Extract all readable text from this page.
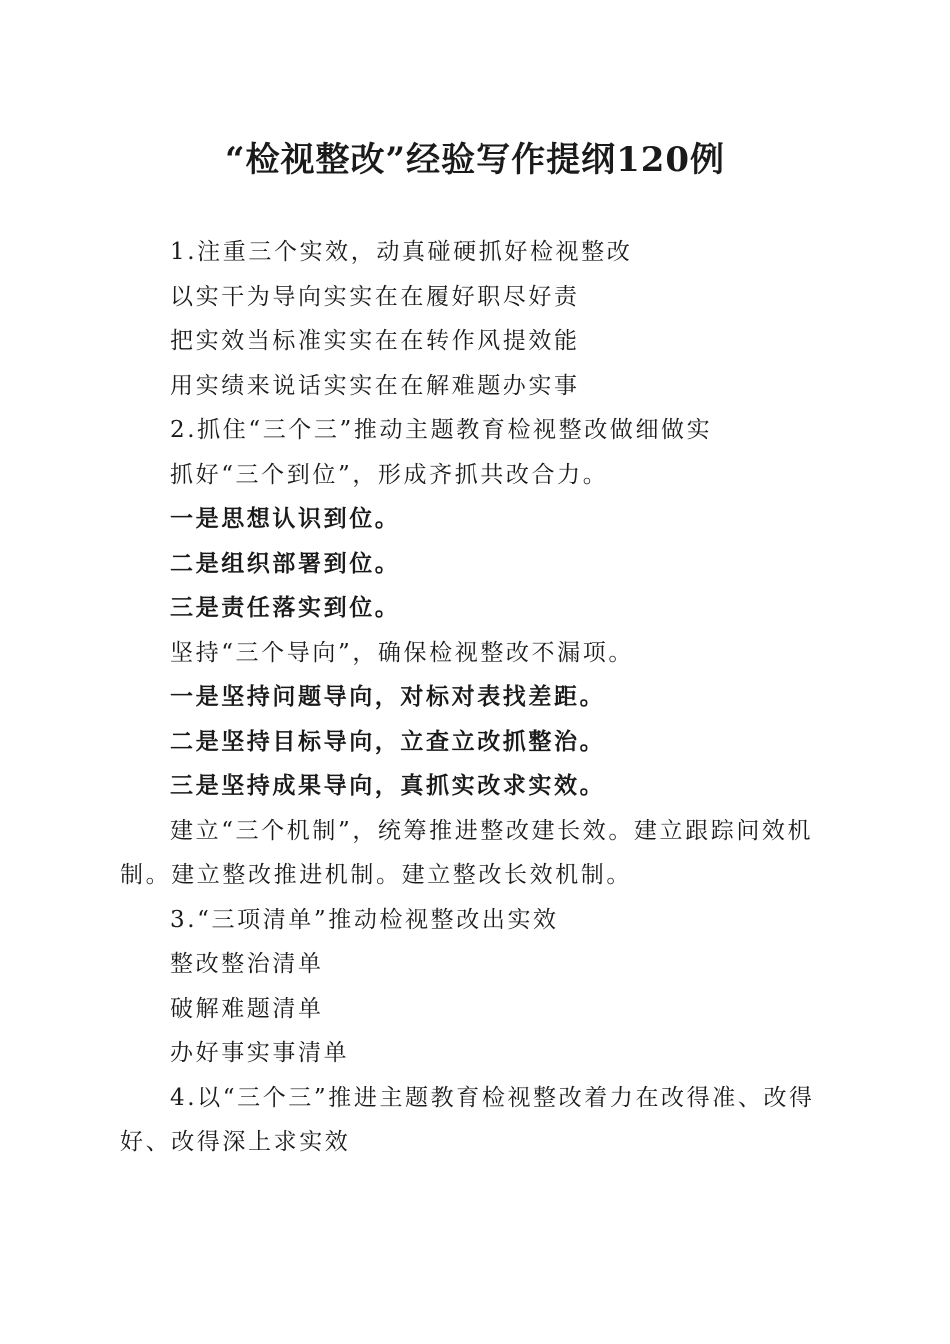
“检视整改”经验写作提纲120例

1.注重三个实效，动真碰硬抓好检视整改

以实干为导向实实在在履好职尽好责

把实效当标准实实在在转作风提效能

用实绩来说话实实在在解难题办实事

2.抓住“三个三”推动主题教育检视整改做细做实

抓好“三个到位”，形成齐抓共改合力。

一是思想认识到位。

二是组织部署到位。

三是责任落实到位。

坚持“三个导向”，确保检视整改不漏项。

一是坚持问题导向，对标对表找差距。

二是坚持目标导向，立查立改抓整治。

三是坚持成果导向，真抓实改求实效。

建立“三个机制”，统筹推进整改建长效。建立跟踪问效机制。建立整改推进机制。建立整改长效机制。

3.“三项清单”推动检视整改出实效

整改整治清单

破解难题清单

办好事实事清单

4.以“三个三”推进主题教育检视整改着力在改得准、改得好、改得深上求实效
